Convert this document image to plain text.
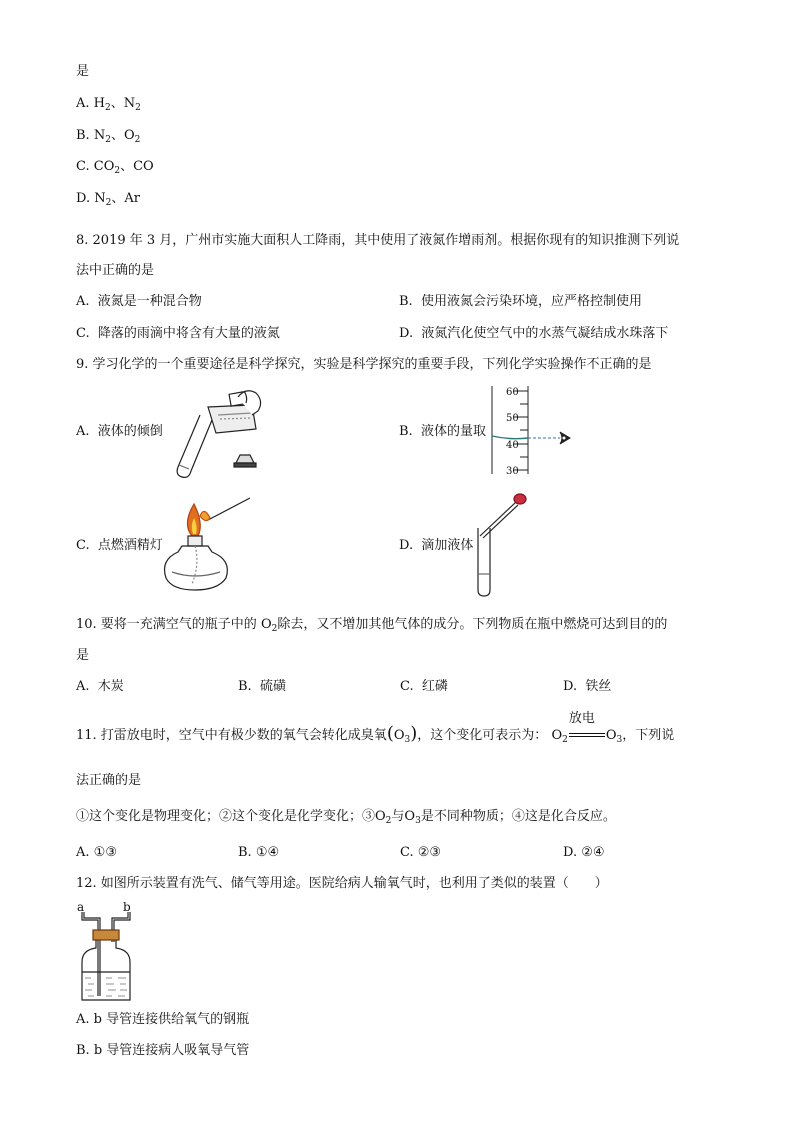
是
A. $H_2$、$N_2$
B. $N_2$、$O_2$
C. $CO_2$、CO
D. $N_2$、Ar
8. 2019 年 3 月，广州市实施大面积人工降雨，其中使用了液氮作增雨剂。根据你现有的知识推测下列说
法中正确的是
A. 液氮是一种混合物	B. 使用液氮会污染环境，应严格控制使用
C. 降落的雨滴中将含有大量的液氮	D. 液氮汽化使空气中的水蒸气凝结成水珠落下
9. 学习化学的一个重要途径是科学探究，实验是科学探究的重要手段，下列化学实验操作不正确的是
A. 液体的倾倒	B. 液体的量取
C. 点燃酒精灯	D. 滴加液体
60
50
40
30
10. 要将一充满空气的瓶子中的 $O_2$除去，又不增加其他气体的成分。下列物质在瓶中燃烧可达到目的的
是
A. 木炭	B. 硫磺	C. 红磷	D. 铁丝
11. 打雷放电时，空气中有极少数的氧气会转化成臭氧$(O_3)$，这个变化可表示为： $O_2$
放电
$O_3$，下列说
法正确的是
①这个变化是物理变化；②这个变化是化学变化；$③O_2$与$O_3$是不同种物质；④这是化合反应。
A. ①③	B. ①④	C. ②③	D. ②④
12. 如图所示装置有洗气、储气等用途。医院给病人输氧气时，也利用了类似的装置（　　）
a	b
A. b 导管连接供给氧气的钢瓶
B. b 导管连接病人吸氧导气管
